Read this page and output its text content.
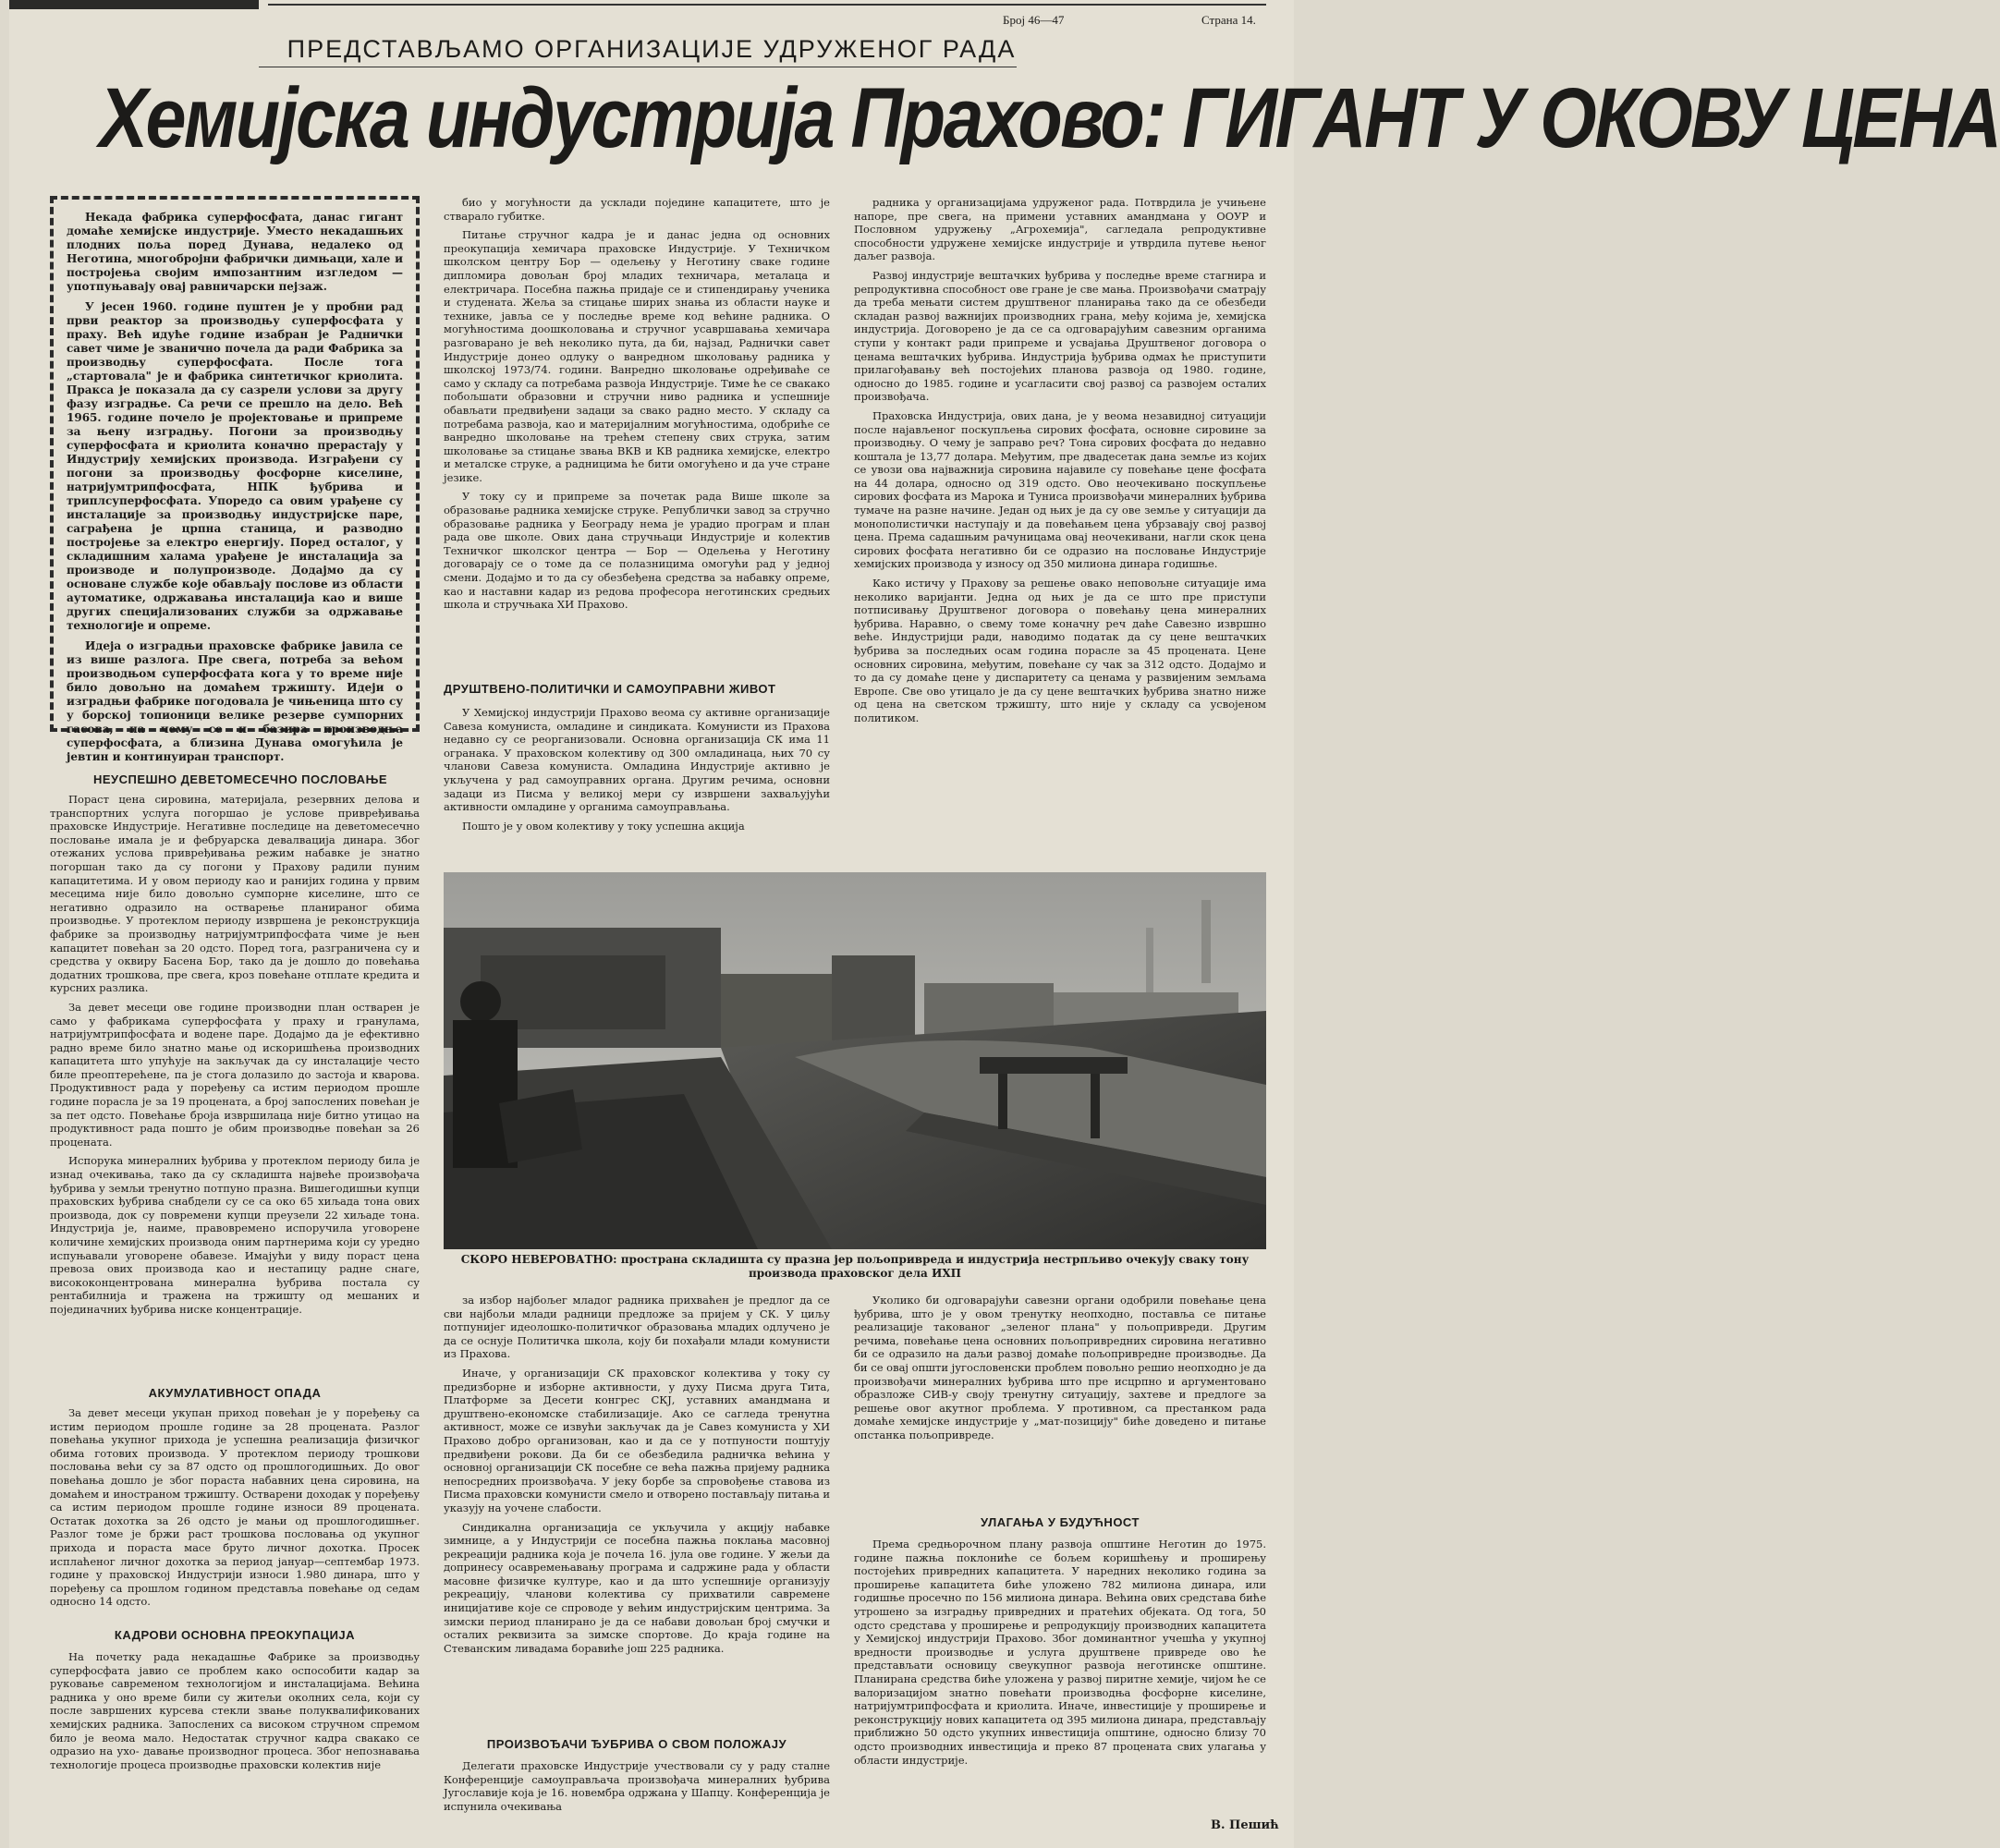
Број 46—47	Страна 14.
ПРЕДСТАВЉАМО ОРГАНИЗАЦИЈЕ УДРУЖЕНОГ РАДА
Хемијска индустрија Прахово: ГИГАНТ У ОКОВУ ЦЕНА

Некада фабрика суперфосфата, данас гигант домаће хемијске индустрије. Уместо некадашњих плодних поља поред Дунава, недалеко од Неготина, многобројни фабрички димњаци, хале и постројења својим импозантним изгледом — употпуњавају овај равничарски пејзаж.

У јесен 1960. године пуштен је у пробни рад први реактор за производњу суперфосфата у праху. Већ идуће године изабран је Раднички савет чиме је званично почела да ради Фабрика за производњу суперфосфата. После тога „стартовала" је и фабрика синтетичког криолита. Пракса је показала да су сазрели услови за другу фазу изградње. Са речи се прешло на дело. Већ 1965. године почело је пројектовање и припреме за њену изградњу. Погони за производњу суперфосфата и криолита коначно прерастају у Индустрију хемијских производа. Изграђени су погони за производњу фосфорне киселине, натријумтрипфосфата, НПК ђубрива и триплсуперфосфата. Упоредо са овим урађене су инсталације за производњу индустријске паре, саграђена је црпна станица, и разводно постројење за електро енергију. Поред осталог, у складишним халама урађене је инсталација за производе и полупроизводе. Додајмо да су основане службе које обављају послове из области аутоматике, одржавања инсталација као и више других специјализованих служби за одржавање технологије и опреме.

Идеја о изградњи праховске фабрике јавила се из више разлога. Пре свега, потреба за већом производњом суперфосфата кога у то време није било довољно на домаћем тржишту. Идеји о изградњи фабрике погодовала је чињеница што су у борској топионици велике резерве сумпорних гасова, на чему се и базира производња суперфосфата, а близина Дунава омогућила је јевтин и континуиран транспорт.

НЕУСПЕШНО ДЕВЕТОМЕСЕЧНО ПОСЛОВАЊЕ

Пораст цена сировина, материјала, резервних делова и транспортних услуга погоршао је услове привређивања праховске Индустрије. Негативне последице на деветомесечно пословање имала је и фебруарска девалвација динара. Због отежаних услова привређивања режим набавке је знатно погоршан тако да су погони у Прахову радили пуним капацитетима. И у овом периоду као и ранијих година у првим месецима није било довољно сумпорне киселине, што се негативно одразило на остварење планираног обима производње. У протеклом периоду извршена је реконструкција фабрике за производњу натријумтрипфосфата чиме је њен капацитет повећан за 20 одсто. Поред тога, разграничена су и средства у оквиру Басена Бор, тако да је дошло до повећања додатних трошкова, пре свега, кроз повећане отплате кредита и курсних разлика.

За девет месеци ове године производни план остварен је само у фабрикама суперфосфата у праху и гранулама, натријумтрипфосфата и водене паре. Додајмо да је ефективно радно време било знатно мање од искоришћења производних капацитета што упућује на закључак да су инсталације често биле преоптерећене, па је стога долазило до застоја и кварова. Продуктивност рада у поређењу са истим периодом прошле године порасла је за 19 процената, а број запослених повећан је за пет одсто. Повећање броја извршилаца није битно утицао на продуктивност рада пошто је обим производње повећан за 26 процената.

Испорука минералних ђубрива у протеклом периоду била је изнад очекивања, тако да су складишта највеће произвођача ђубрива у земљи тренутно потпуно празна. Вишегодишњи купци праховских ђубрива снабдели су се са око 65 хиљада тона ових производа, док су повремени купци преузели 22 хиљаде тона. Индустрија је, наиме, правовремено испоручила уговорене количине хемијских производа оним партнерима који су уредно испуњавали уговорене обавезе. Имајући у виду пораст цена превоза ових производа као и нестапицу радне снаге, висококонцентрована минерална ђубрива постала су рентабилнија и тражена на тржишту од мешаних и појединачних ђубрива ниске концентрације.

АКУМУЛАТИВНОСТ ОПАДА

За девет месеци укупан приход повећан је у поређењу са истим периодом прошле године за 28 процената. Разлог повећања укупног прихода је успешна реализација физичког обима готових производа. У протеклом периоду трошкови пословања већи су за 87 одсто од прошлогодишњих. До овог повећања дошло је због пораста набавних цена сировина, на домаћем и иностраном тржишту. Остварени доходак у поређењу са истим периодом прошле године износи 89 процената. Остатак дохотка за 26 одсто је мањи од прошлогодишњег. Разлог томе је бржи раст трошкова пословања од укупног прихода и пораста масе бруто личног дохотка. Просек исплаћеног личног дохотка за период јануар—септембар 1973. године у праховској Индустрији износи 1.980 динара, што у поређењу са прошлом годином представља повећање од седам односно 14 одсто.

КАДРОВИ ОСНОВНА ПРЕОКУПАЦИЈА

На почетку рада некадашње Фабрике за производњу суперфосфата јавио се проблем како оспособити кадар за руковање савременом технологијом и инсталацијама. Већина радника у оно време били су житељи околних села, који су после завршених курсева стекли звање полуквалификованих хемијских радника. Запослених са високом стручном спремом било је веома мало. Недостатак стручног кадра свакако се одразио на ухо- давање производног процеса. Због непознавања технологије процеса производње праховски колектив није

био у могућности да усклади поједине капацитете, што је стварало губитке.

Питање стручног кадра је и данас једна од основних преокупација хемичара праховске Индустрије. У Техничком школском центру Бор — одељењу у Неготину сваке године дипломира довољан број младих техничара, металаца и електричара. Посебна пажња придаје се и стипендирању ученика и студената. Жеља за стицање ширих знања из области науке и технике, јавља се у последње време код већине радника. О могућностима доошколовања и стручног усавршавања хемичара разговарано је већ неколико пута, да би, најзад, Раднички савет Индустрије донео одлуку о ванредном школовању радника у школској 1973/74. години. Ванредно школовање одређиваће се само у складу са потребама развоја Индустрије. Тиме ће се свакако побољшати образовни и стручни ниво радника и успешније обављати предвиђени задаци за свако радно место. У складу са потребама развоја, као и материјалним могућностима, одобриће се ванредно школовање на трећем степену свих струка, затим школовање за стицање звања ВКВ и КВ радника хемијске, електро и металске струке, а радницима ће бити омогућено и да уче стране језике.

У току су и припреме за почетак рада Више школе за образовање радника хемијске струке. Републички завод за стручно образовање радника у Београду нема је урадио програм и план рада ове школе. Овиx дана стручњаци Индустрије и колектив Техничког школског центра — Бор — Одељења у Неготину договарају се о томе да се полазницима омогући рад у једној смени. Додајмо и то да су обезбеђена средства за набавку опреме, као и наставни кадар из редова професора неготинских средњих школа и стручњака ХИ Прахово.

ДРУШТВЕНО-ПОЛИТИЧКИ И САМОУПРАВНИ ЖИВОТ

У Хемијској индустрији Прахово веома су активне организације Савеза комуниста, омладине и синдиката. Комунисти из Прахова недавно су се реорганизовали. Основна организација СК има 11 огранака. У праховском колективу од 300 омладинаца, њих 70 су чланови Савеза комуниста. Омладина Индустрије активно је укључена у рад самоуправних органа. Другим речима, основни задаци из Писма у великој мери су извршени захваљујући активности омладине у органима самоуправљања.

Пошто је у овом колективу у току успешна акција

радника у организацијама удруженог рада. Потврдила је учињене напоре, пре свега, на примени уставних амандмана у ООУР и Пословном удружењу „Агрохемија", сагледала репродуктивне способности удружене хемијске индустрије и утврдила путеве њеног даљег развоја.

Развој индустрије вештачких ђубрива у последње време стагнира и репродуктивна способност ове гране је све мања. Произвођачи сматрају да треба мењати систем друштвеног планирања тако да се обезбеди складан развој важнијих производних грана, међу којима је, хемијска индустрија. Договорено је да се са одговарајућим савезним органима ступи у контакт ради припреме и усвајања Друштвеног договора о ценама вештачких ђубрива. Индустрија ђубрива одмах ће приступити прилагођавању већ постојећих планова развоја од 1980. године, односно до 1985. године и усагласити свој развој са развојем осталих произвођача.

Праховска Индустрија, ових дана, је у веома незавидној ситуацији после најављеног поскупљења сирових фосфата, основне сировине за производњу. О чему је заправо реч? Тона сирових фосфата до недавно коштала је 13,77 долара. Међутим, пре двадесетак дана земље из којих се увози ова најважнија сировина најавиле су повећање цене фосфата на 44 долара, односно од 319 одсто. Ово неочекивано поскупљење сирових фосфата из Марока и Туниса произвођачи минералних ђубрива тумаче на разне начине. Један од њих је да су ове земље у ситуацији да монополистички наступају и да повећањем цена убрзавају свој развој цена. Према садашњим рачуницама овај неочекивани, нагли скок цена сирових фосфата негативно би се одразио на пословање Индустрије хемијских производа у износу од 350 милиона динара годишње.

Како истичу у Прахову за решење овако неповољне ситуације има неколико варијанти. Једна од њих је да се што пре приступи потписивању Друштвеног договора о повећању цена минералних ђубрива. Наравно, о свему томе коначну реч даће Савезно извршно веће. Индустријци ради, наводимо податак да су цене вештачких ђубрива за последњих осам година порасле за 45 процената. Цене основних сировина, међутим, повећане су чак за 312 одсто. Додајмо и то да су домаће цене у диспаритету са ценама у развијеним земљама Европе. Све ово утицало је да су цене вештачких ђубрива знатно ниже од цена на светском тржишту, што није у складу са усвојеном политиком.

СКОРО НЕВЕРОВАТНО: пространа складишта су празна јер пољопривреда и индустрија нестрпљиво очекују сваку тону производа праховског дела ИХП

за избор најбољег младог радника прихваћен је предлог да се сви најбољи млади радници предложе за пријем у СК. У циљу потпунијег идеолошко-политичког образовања младих одлучено је да се оснује Политичка школа, коју би похађали млади комунисти из Прахова.

Иначе, у организацији СК праховског колектива у току су предизборне и изборне активности, у духу Писма друга Тита, Платформе за Десети конгрес СКЈ, уставних амандмана и друштвено-економске стабилизације. Ако се сагледа тренутна активност, може се извући закључак да је Савез комуниста у ХИ Прахово добро организован, као и да се у потпуности поштују предвиђени рокови. Да би се обезбедила радничка већина у основној организацији СК посебне се већа пажња пријему радника непосредних произвођача. У јеку борбе за спровођење ставова из Писма праховски комунисти смело и отворено постављају питања и указују на уочене слабости.

Синдикална организација се укључила у акцију набавке зимнице, а у Индустрији се посебна пажња поклања масовној рекреацији радника која је почела 16. јула ове године. У жељи да допринесу осавремењавању програма и садржине рада у области масовне физичке културе, као и да што успешније организују рекреацију, чланови колектива су прихватили савремене иницијативе које се спроводе у већим индустријским центрима. За зимски период планирано је да се набави довољан број смучки и осталих реквизита за зимске спортове. До краја године на Стеванским ливадама боравиће још 225 радника.

ПРОИЗВОЂАЧИ ЂУБРИВА О СВОМ ПОЛОЖАЈУ

Делегати праховске Индустрије учествовали су у раду сталне Конференције самоуправљача произвођача минералних ђубрива Југославије која је 16. новембра одржана у Шапцу. Конференција је испунила очекивања

Уколико би одговарајући савезни органи одобрили повећање цена ђубрива, што је у овом тренутку неопходно, поставља се питање реализације такованог „зеленог плана" у пољопривреди. Другим речима, повећање цена основних пољопривредних сировина негативно би се одразило на даљи развој домаће пољопривредне производње. Да би се овај општи југословенски проблем повољно решио неопходно је да произвођачи минералних ђубрива што пре исцрпно и аргументовано образложе СИВ-у своју тренутну ситуацију, захтеве и предлоге за решење овог акутног проблема. У противном, са престанком рада домаће хемијске индустрије у „мат-позицију" биће доведено и питање опстанка пољопривреде.

УЛАГАЊА У БУДУЋНОСТ

Према средњорочном плану развоја општине Неготин до 1975. године пажња поклониће се бољем коришћењу и проширењу постојећих привредних капацитета. У наредних неколико година за проширење капацитета биће уложено 782 милиона динара, или годишње просечно по 156 милиона динара. Већина ових средстава биће утрошено за изградњу привредних и пратећих објеката. Од тога, 50 одсто средстава у проширење и репродукцију производних капацитета у Хемијској индустрији Прахово. Због доминантног учешћа у укупној вредности производње и услуга друштвене привреде ово ће представљати основицу свеукупног развоја неготинске општине. Планирана средства биће уложена у развој пиритне хемије, чијом ће се валоризацијом знатно повећати производња фосфорне киселине, натријумтрипфосфата и криолита. Иначе, инвестиције у проширење и реконструкцију нових капацитета од 395 милиона динара, представљају приближно 50 одсто укупних инвестиција општине, односно близу 70 одсто производних инвестиција и преко 87 процената свих улагања у области индустрије.

В. Пешић
